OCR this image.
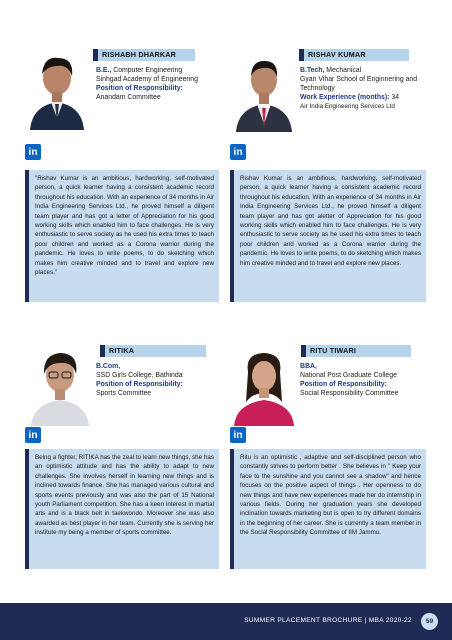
RISHABH DHARKAR
B.E., Computer Engineering
Sinhgad Academy of Engineering
Position of Responsibility:
Anandam Committee
RISHAV KUMAR
B.Tech, Mechanical
Gyan Vihar School of Enginnering and Technology
Work Experience (months): 34
Air India Engineering Services Ltd
in	in
"Rishav Kumar is an ambitious, hardworking, self-motivated person, a quick learner having a consistent academic record throughout his education. With an experience of 34 months in Air India Engineering Services Ltd., he proved himself a diligent team player and has got a letter of Appreciation for his good working skills which enabled him to face challenges. He is very enthusiastic to serve society as he used his extra times to teach poor children and worked as a Corona warrior during the pandemic. He loves to write poems, to do sketching which makes him creative minded and to travel and explore new places."
Rishav Kumar is an ambitious, hardworking, self-motivated person, a quick learner having a consistent academic record throughout his education. With an experience of 34 months in Air India Engineering Services Ltd., he proved himself a diligent team player and has got aletter of Appreciation for his good working skills which enabled him to face challenges. He is very enthusiastic to serve society as he used his extra times to teach poor children and worked as a Corona warrior during the pandemic. He loves to write poems, to do sketching which makes him creative minded and to travel and explore new places.
RITIKA
B.Com,
SSD Girls College, Bathinda
Position of Responsibility:
Sports Committee
RITU TIWARI
BBA,
National Post Graduate College
Position of Responsibility:
Social Responsibility Committee
in	in
Being a fighter, RITIKA has the zeal to learn new things, she has an optimistic attitude and has the ability to adapt to new challenges. She involves herself in learning new things and is inclined towards finance. She has managed various cultural and sports events previously and was also the part of 15 National youth Parliament competition. She has a keen interest in martial arts and is a black belt in taekwondo. Moreover she was also awarded as best player in her team. Currently she is serving her institute my being a member of sports committee.
Ritu is an optimistic , adaptive and self-disciplined person who constantly strives to perform better . She believes in " Keep your face to the sunshine and you cannot see a shadow" and hence focuses on the positive aspect of things . Her openness to do new things and have new experiences made her do internship in various fields. During her graduation years she developed inclination towards marketing but is open to try different domains in the beginning of her career. She is currently a team member in the Social Responsibility Committee of IIM Jammu.
SUMMER PLACEMENT BROCHURE | MBA 2020-22	59
